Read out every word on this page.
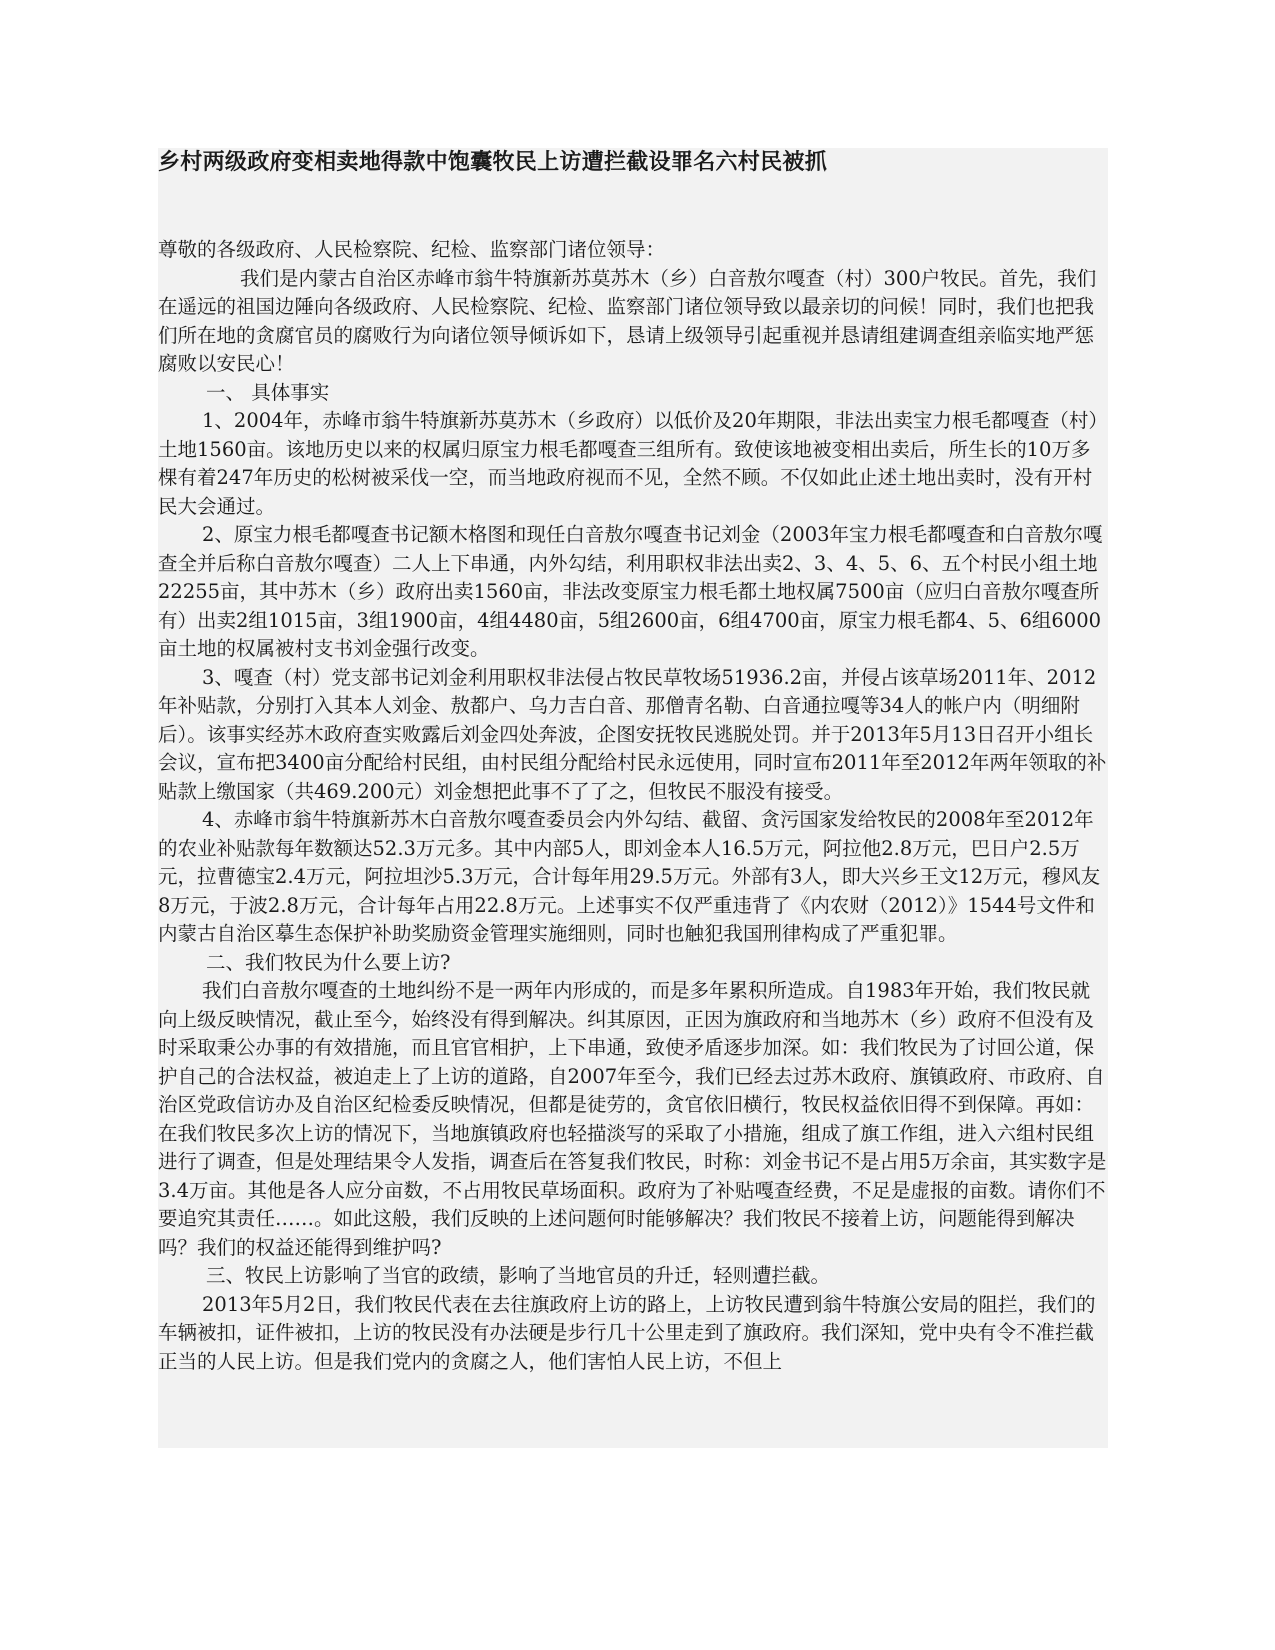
乡村两级政府变相卖地得款中饱囊牧民上访遭拦截设罪名六村民被抓

尊敬的各级政府、人民检察院、纪检、监察部门诸位领导：

我们是内蒙古自治区赤峰市翁牛特旗新苏莫苏木（乡）白音敖尔嘎查（村）300户牧民。首先，我们在遥远的祖国边陲向各级政府、人民检察院、纪检、监察部门诸位领导致以最亲切的问候！同时，我们也把我们所在地的贪腐官员的腐败行为向诸位领导倾诉如下，恳请上级领导引起重视并恳请组建调查组亲临实地严惩腐败以安民心！

一、 具体事实

1、2004年，赤峰市翁牛特旗新苏莫苏木（乡政府）以低价及20年期限，非法出卖宝力根毛都嘎查（村）土地1560亩。该地历史以来的权属归原宝力根毛都嘎查三组所有。致使该地被变相出卖后，所生长的10万多棵有着247年历史的松树被采伐一空，而当地政府视而不见，全然不顾。不仅如此止述土地出卖时，没有开村民大会通过。

2、原宝力根毛都嘎查书记额木格图和现任白音敖尔嘎查书记刘金（2003年宝力根毛都嘎查和白音敖尔嘎查全并后称白音敖尔嘎查）二人上下串通，内外勾结，利用职权非法出卖2、3、4、5、6、五个村民小组土地22255亩，其中苏木（乡）政府出卖1560亩，非法改变原宝力根毛都土地权属7500亩（应归白音敖尔嘎查所有）出卖2组1015亩，3组1900亩，4组4480亩，5组2600亩，6组4700亩，原宝力根毛都4、5、6组6000亩土地的权属被村支书刘金强行改变。

3、嘎查（村）党支部书记刘金利用职权非法侵占牧民草牧场51936.2亩，并侵占该草场2011年、2012年补贴款，分别打入其本人刘金、敖都户、乌力吉白音、那僧青名勒、白音通拉嘎等34人的帐户内（明细附后）。该事实经苏木政府查实败露后刘金四处奔波，企图安抚牧民逃脱处罚。并于2013年5月13日召开小组长会议，宣布把3400亩分配给村民组，由村民组分配给村民永远使用，同时宣布2011年至2012年两年领取的补贴款上缴国家（共469.200元）刘金想把此事不了了之，但牧民不服没有接受。

4、赤峰市翁牛特旗新苏木白音敖尔嘎查委员会内外勾结、截留、贪污国家发给牧民的2008年至2012年的农业补贴款每年数额达52.3万元多。其中内部5人，即刘金本人16.5万元，阿拉他2.8万元，巴日户2.5万元，拉曹德宝2.4万元，阿拉坦沙5.3万元，合计每年用29.5万元。外部有3人，即大兴乡王文12万元，穆风友8万元，于波2.8万元，合计每年占用22.8万元。上述事实不仅严重违背了《内农财（2012）》1544号文件和内蒙古自治区摹生态保护补助奖励资金管理实施细则，同时也触犯我国刑律构成了严重犯罪。

二、我们牧民为什么要上访?

我们白音敖尔嘎查的土地纠纷不是一两年内形成的，而是多年累积所造成。自1983年开始，我们牧民就向上级反映情况，截止至今，始终没有得到解决。纠其原因，正因为旗政府和当地苏木（乡）政府不但没有及时采取秉公办事的有效措施，而且官官相护，上下串通，致使矛盾逐步加深。如：我们牧民为了讨回公道，保护自己的合法权益，被迫走上了上访的道路，自2007年至今，我们已经去过苏木政府、旗镇政府、市政府、自治区党政信访办及自治区纪检委反映情况，但都是徒劳的，贪官依旧横行，牧民权益依旧得不到保障。再如：在我们牧民多次上访的情况下，当地旗镇政府也轻描淡写的采取了小措施，组成了旗工作组，进入六组村民组进行了调查，但是处理结果令人发指，调查后在答复我们牧民，时称：刘金书记不是占用5万余亩，其实数字是3.4万亩。其他是各人应分亩数，不占用牧民草场面积。政府为了补贴嘎查经费，不足是虚报的亩数。请你们不要追究其责任……。如此这般，我们反映的上述问题何时能够解决？我们牧民不接着上访，问题能得到解决吗？我们的权益还能得到维护吗?

三、牧民上访影响了当官的政绩，影响了当地官员的升迁，轻则遭拦截。

2013年5月2日，我们牧民代表在去往旗政府上访的路上，上访牧民遭到翁牛特旗公安局的阻拦，我们的车辆被扣，证件被扣，上访的牧民没有办法硬是步行几十公里走到了旗政府。我们深知，党中央有令不准拦截正当的人民上访。但是我们党内的贪腐之人，他们害怕人民上访，不但上
